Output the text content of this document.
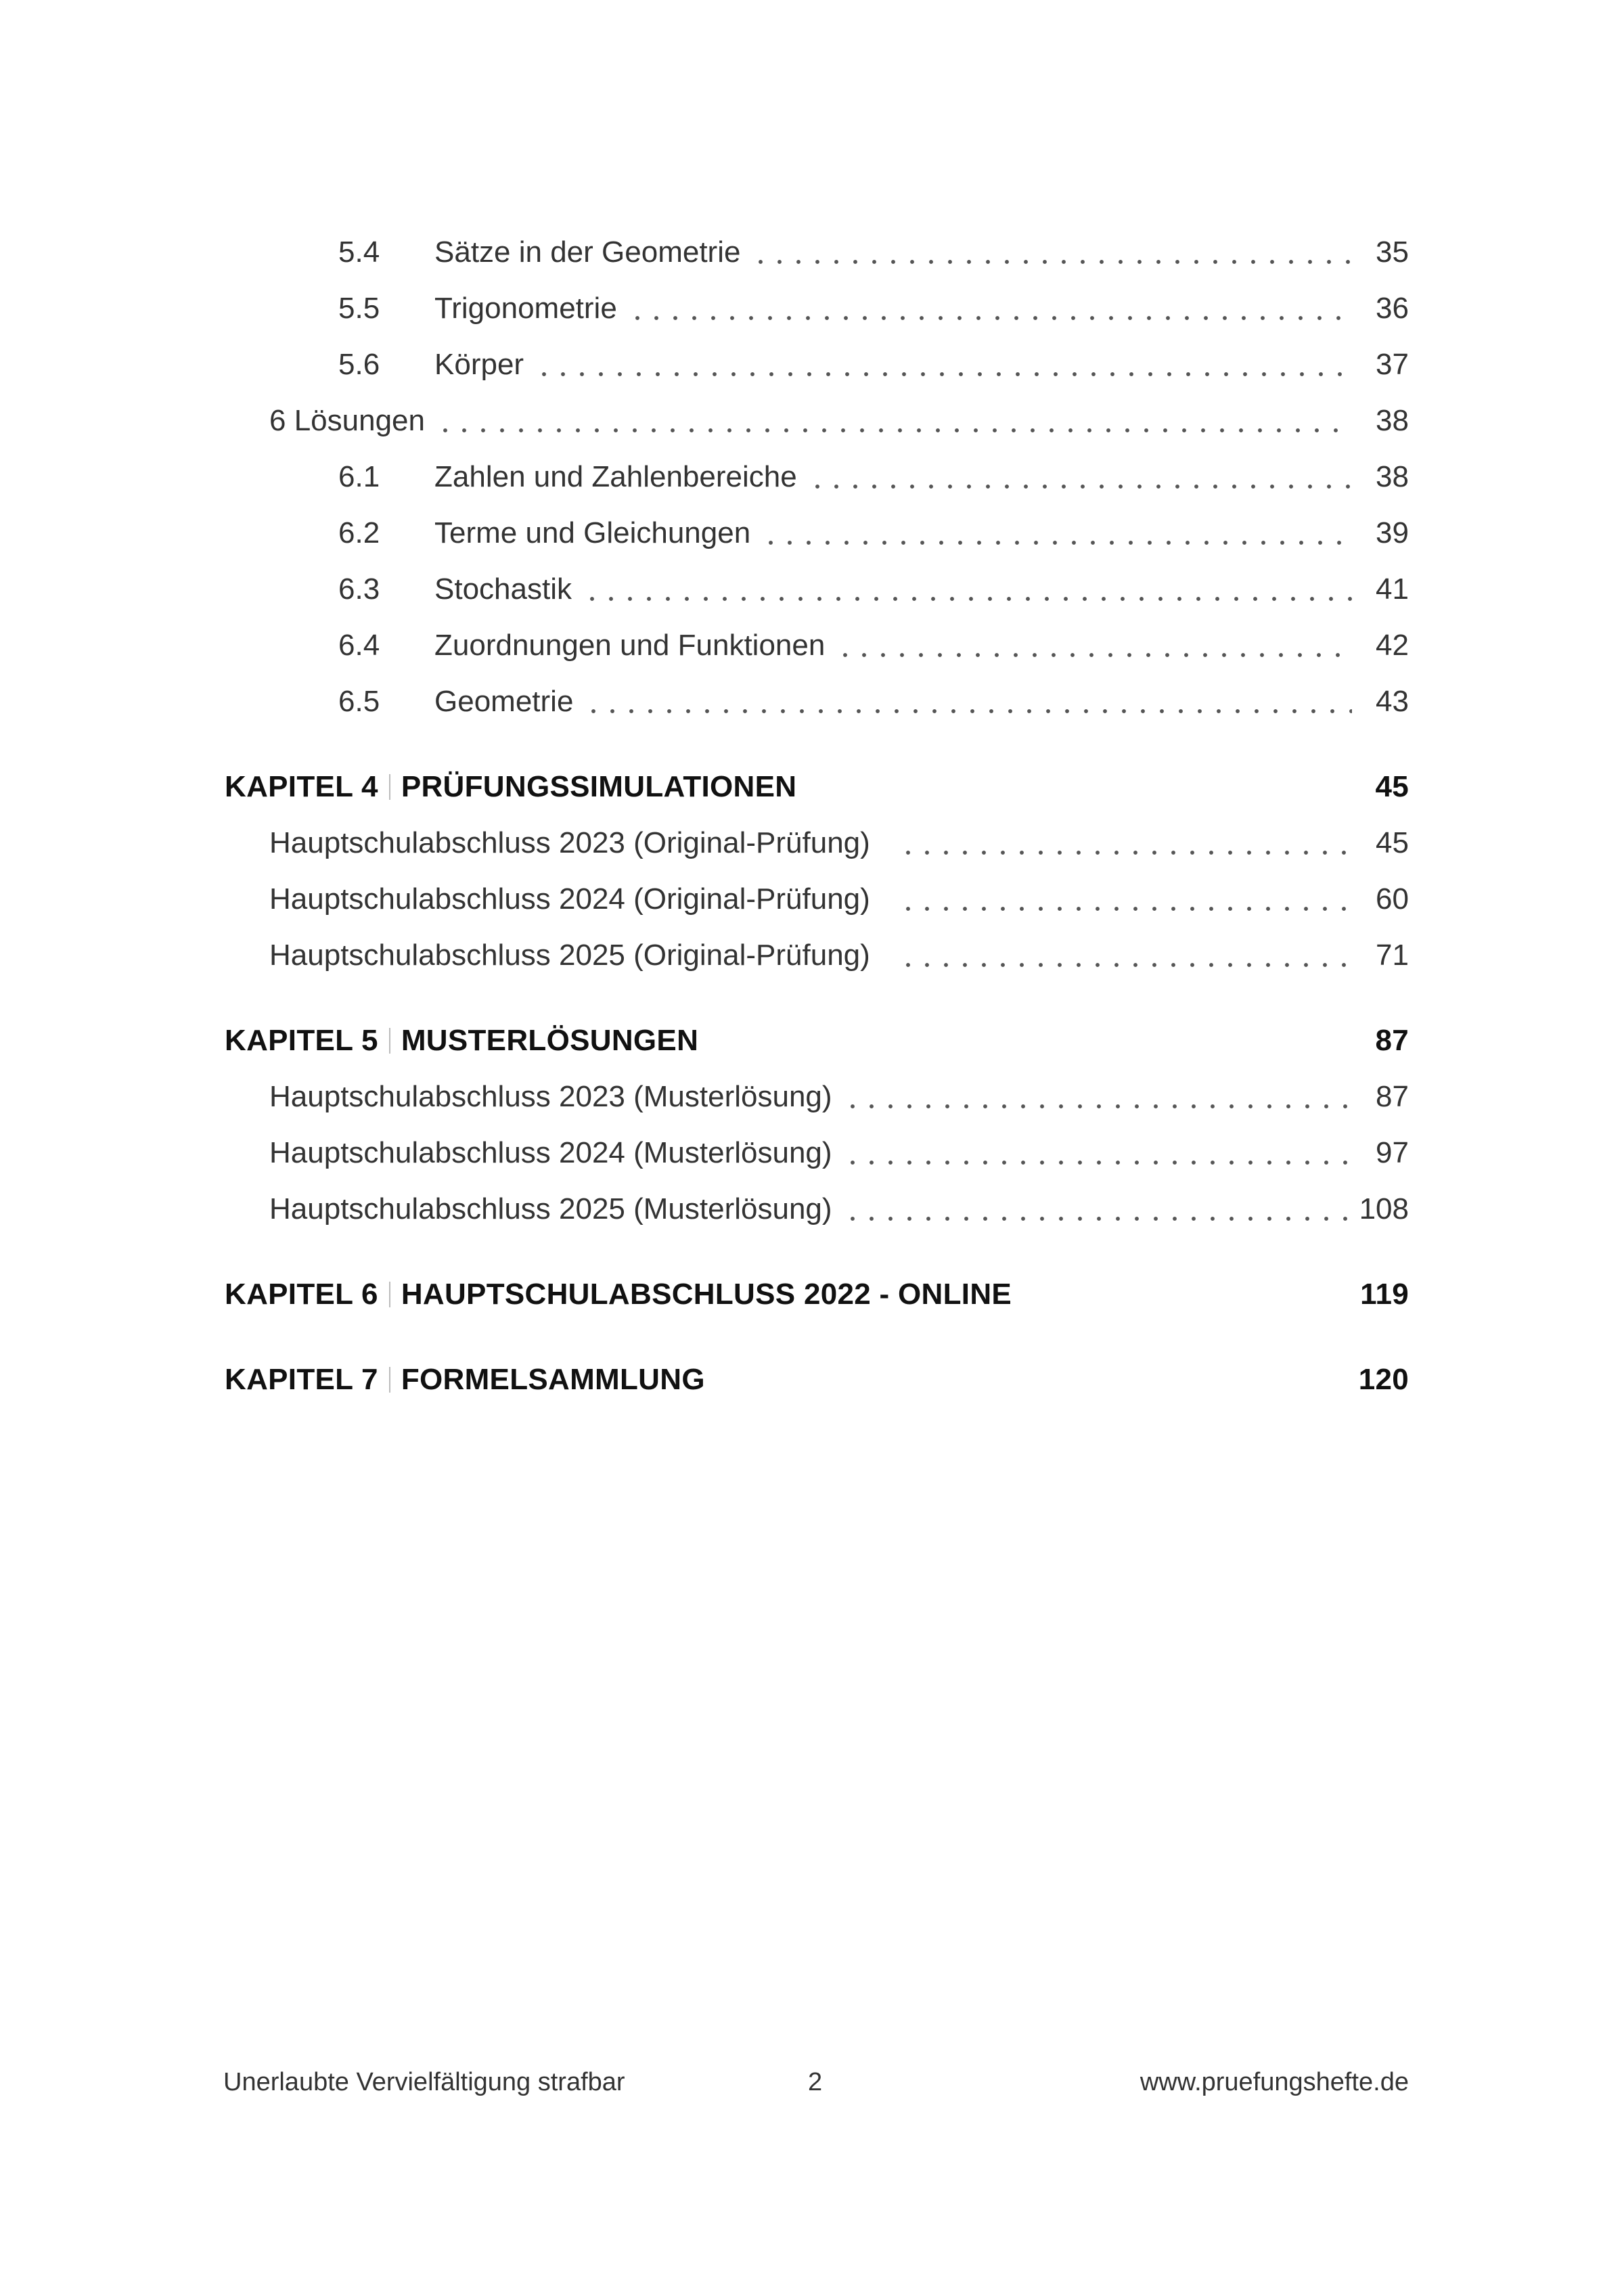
5.4	Sätze in der Geometrie	35
5.5	Trigonometrie	36
5.6	Körper	37
6 Lösungen	38
6.1	Zahlen und Zahlenbereiche	38
6.2	Terme und Gleichungen	39
6.3	Stochastik	41
6.4	Zuordnungen und Funktionen	42
6.5	Geometrie	43
KAPITEL 4 PRÜFUNGSSIMULATIONEN	45
Hauptschulabschluss 2023 (Original-Prüfung)	45
Hauptschulabschluss 2024 (Original-Prüfung)	60
Hauptschulabschluss 2025 (Original-Prüfung)	71
KAPITEL 5 MUSTERLÖSUNGEN	87
Hauptschulabschluss 2023 (Musterlösung)	87
Hauptschulabschluss 2024 (Musterlösung)	97
Hauptschulabschluss 2025 (Musterlösung)	108
KAPITEL 6 HAUPTSCHULABSCHLUSS 2022 - ONLINE	119
KAPITEL 7 FORMELSAMMLUNG	120
Unerlaubte Vervielfältigung strafbar	2	www.pruefungshefte.de
